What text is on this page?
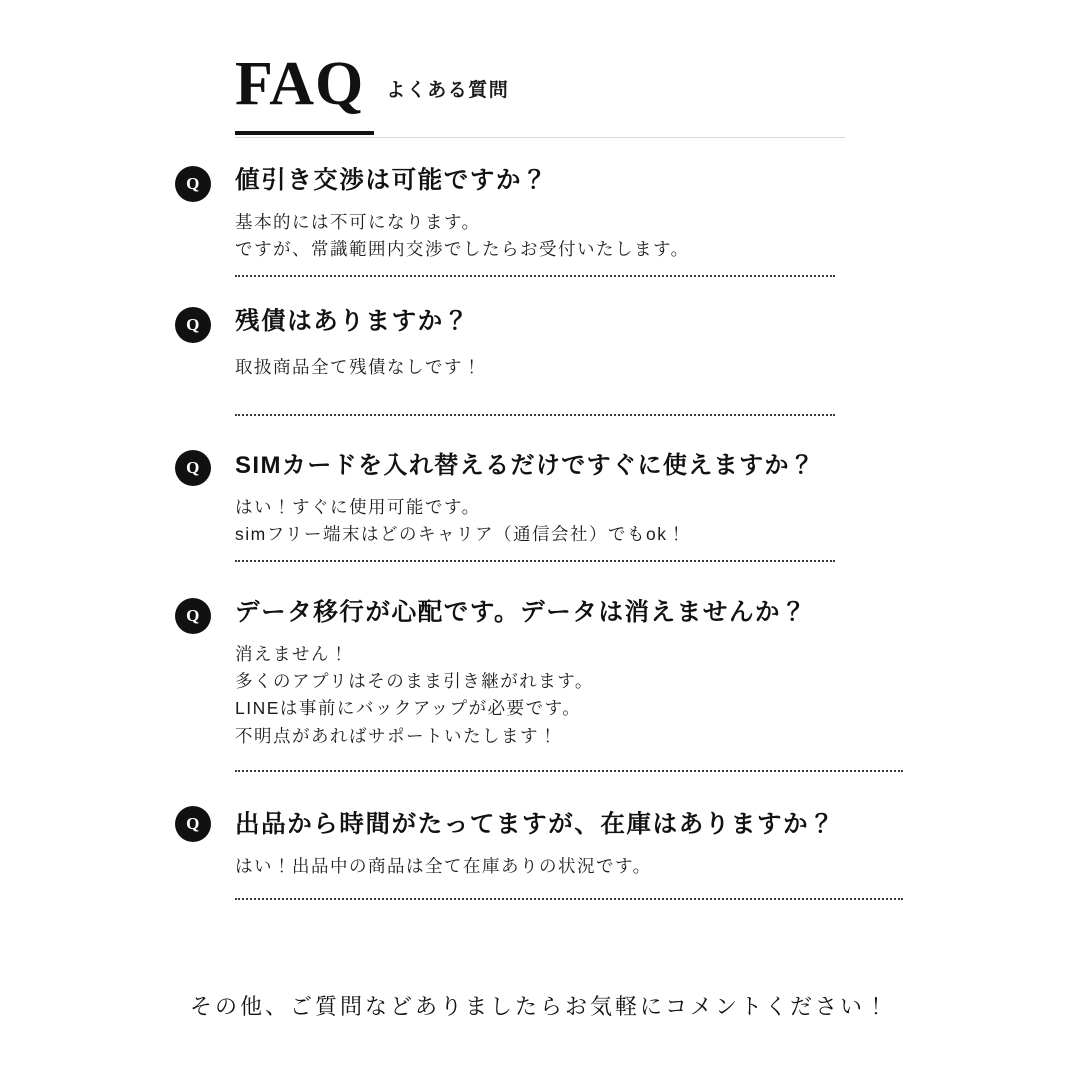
FAQ よくある質問
Q	値引き交渉は可能ですか？
基本的には不可になります。
ですが、常識範囲内交渉でしたらお受付いたします。
Q	残債はありますか？
取扱商品全て残債なしです！
Q	SIMカードを入れ替えるだけですぐに使えますか？
はい！すぐに使用可能です。
simフリー端末はどのキャリア（通信会社）でもok！
Q	データ移行が心配です。データは消えませんか？
消えません！
多くのアプリはそのまま引き継がれます。
LINEは事前にバックアップが必要です。
不明点があればサポートいたします！
Q	出品から時間がたってますが、在庫はありますか？
はい！出品中の商品は全て在庫ありの状況です。
その他、ご質問などありましたらお気軽にコメントください！
